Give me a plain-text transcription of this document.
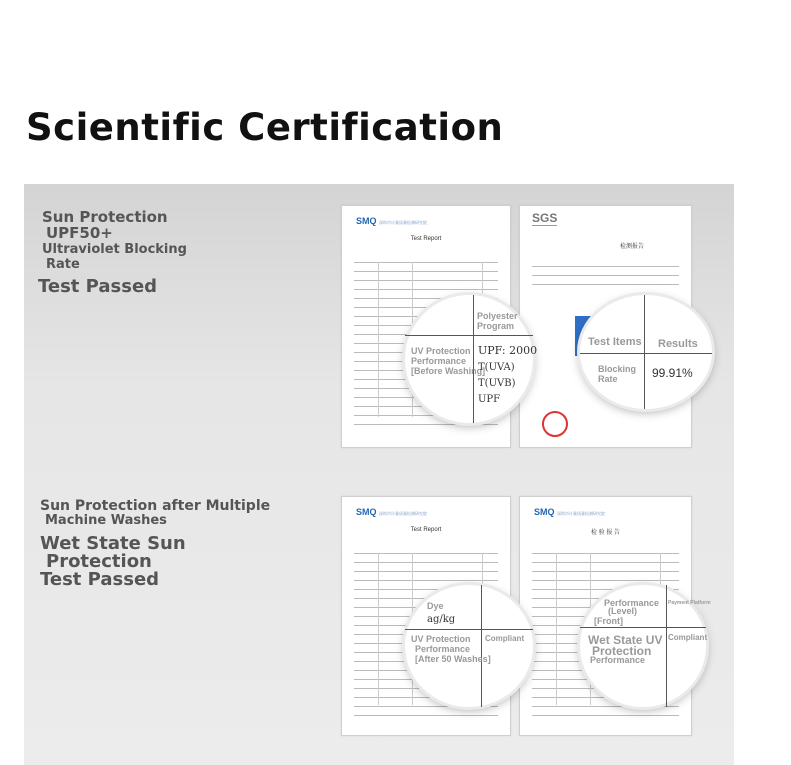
Scientific Certification
Sun Protection
UPF50+
Ultraviolet Blocking
Rate
Test Passed
Sun Protection after Multiple
Machine Washes
Wet State Sun
Protection
Test Passed
SMQ 深圳市计量质量检测研究院
Test Report
SGS
检测报告
SMQ 深圳市计量质量检测研究院
Test Report
SMQ 深圳市计量质量检测研究院
检 验 报 告
Polyester
Program
UV Protection
Performance
[Before Washing]
UPF: 2000
T(UVA)
T(UVB)
UPF
Test Items Results
Blocking
Rate	99.91%
Dye
ag/kg
UV Protection Compliant
Performance
[After 50 Washes]
Performance
(Level)
[Front]
Wet State UV Compliant
Protection
Performance
Payment Platform
